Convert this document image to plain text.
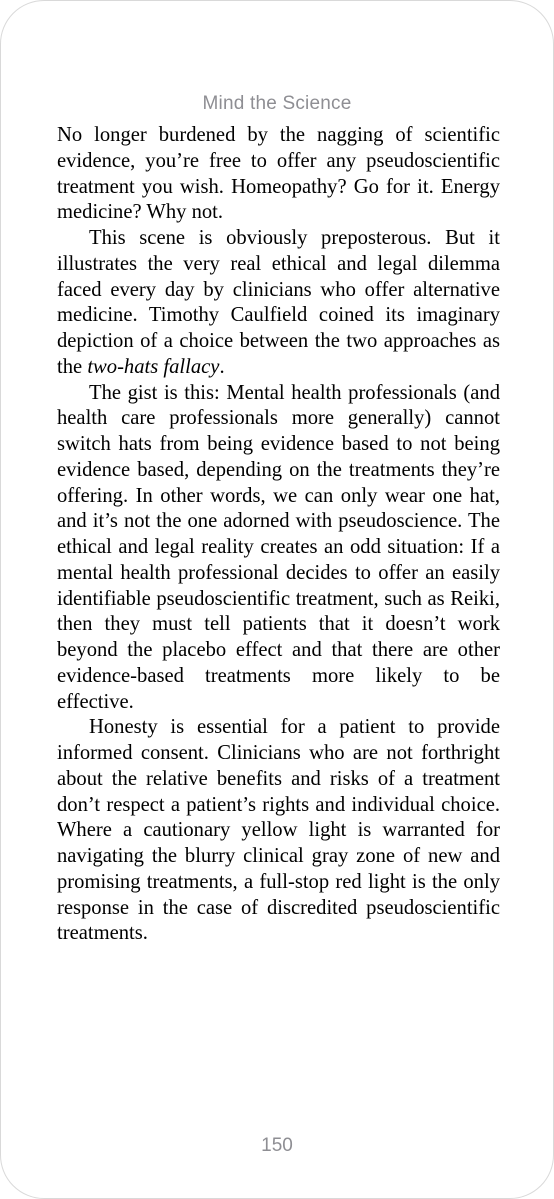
Mind the Science

No longer burdened by the nagging of scientific evidence, you’re free to offer any pseudoscientific treatment you wish. Homeopathy? Go for it. Energy medicine? Why not.

This scene is obviously preposterous. But it illustrates the very real ethical and legal dilemma faced every day by clinicians who offer alternative medicine. Timothy Caulfield coined its imaginary depiction of a choice between the two approaches as the two-hats fallacy.

The gist is this: Mental health professionals (and health care professionals more generally) cannot switch hats from being evidence based to not being evidence based, depending on the treatments they’re offering. In other words, we can only wear one hat, and it’s not the one adorned with pseudoscience. The ethical and legal reality creates an odd situation: If a mental health professional decides to offer an easily identifiable pseudoscientific treatment, such as Reiki, then they must tell patients that it doesn’t work beyond the placebo effect and that there are other evidence-based treatments more likely to be effective.

Honesty is essential for a patient to provide informed consent. Clinicians who are not forthright about the relative benefits and risks of a treatment don’t respect a patient’s rights and individual choice. Where a cautionary yellow light is warranted for navigating the blurry clinical gray zone of new and promising treatments, a full-stop red light is the only response in the case of discredited pseudoscientific treatments.

150
